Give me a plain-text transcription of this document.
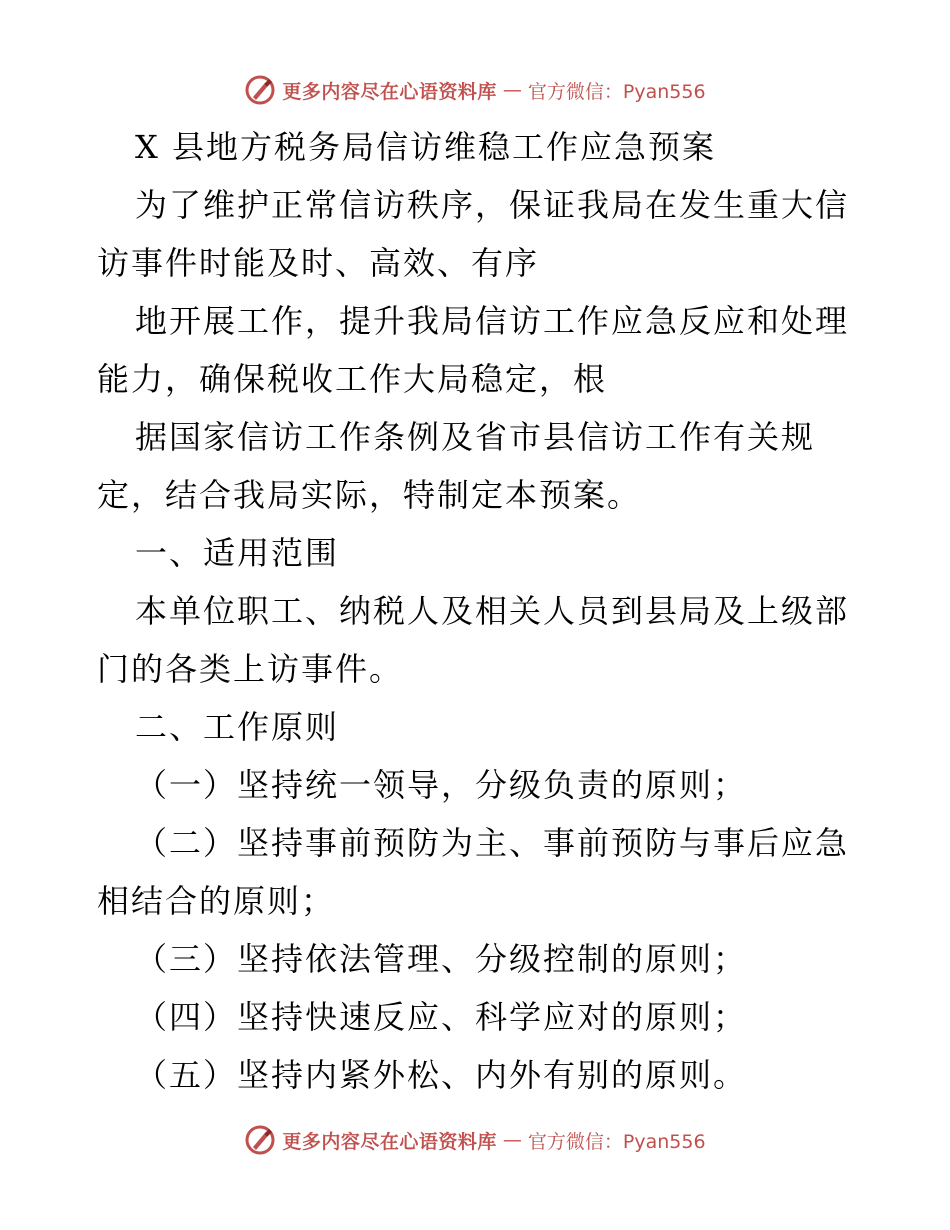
更多内容尽在心语资料库 — 官方微信：Pyan556
X 县地方税务局信访维稳工作应急预案
为了维护正常信访秩序，保证我局在发生重大信
访事件时能及时、高效、有序
地开展工作，提升我局信访工作应急反应和处理
能力，确保税收工作大局稳定，根
据国家信访工作条例及省市县信访工作有关规
定，结合我局实际，特制定本预案。
一、适用范围
本单位职工、纳税人及相关人员到县局及上级部
门的各类上访事件。
二、工作原则
（一）坚持统一领导，分级负责的原则；
（二）坚持事前预防为主、事前预防与事后应急
相结合的原则；
（三）坚持依法管理、分级控制的原则；
（四）坚持快速反应、科学应对的原则；
（五）坚持内紧外松、内外有别的原则。
更多内容尽在心语资料库 — 官方微信：Pyan556
